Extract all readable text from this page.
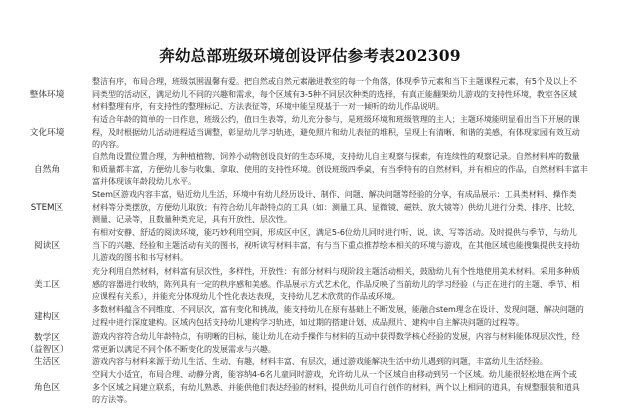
奔幼总部班级环境创设评估参考表202309
整体环境
整洁有序，布局合理，班级氛围温馨有爱。把自然或自然元素融进教室的每一个角落，体现季节元素和当下主题课程元素，有5个及以上不
同类型的活动区，满足幼儿不同的兴趣和需求，每个区域有3-5种不同层次种类的选择，有真正能翻架幼儿游戏的支持性环境，教室各区域
材料整理有序，有支持性的整理标记、方法表征等，环境中能呈现基于一对一倾听的幼儿作品说明。
文化环境
有适合年龄的简单的一日作息，班级公约，值日生表等，幼儿充分参与，是班级环境和班级管理的主人；主题环境能明显看出当下开展的课
程，及时根据幼儿活动进程适当调整，彰显幼儿学习轨迹，避免照片和幼儿表征的堆积，呈现上有清晰、和谐的美感，有体现家园有效互动
的内容。
自然角
自然角设置位置合理，为种植植物、饲养小动物创设良好的生态环境，支持幼儿自主观察与探索，有连续性的观察记录。自然材料库的数量
和质量都丰富，方便幼儿参与收集、拿取、使用的支持性环境。创设班级四季桌，有当季特有的自然材料，并有相应的作品，自然材料丰富丰
富并体现该年龄段幼儿水平。
STEM区
Stem区游戏内容丰富，贴近幼儿生活，环境中有幼儿经历设计、制作、问题、解决问题等经验的分享，有成品展示：工具类材料、操作类
材料等分类摆放，方便幼儿取放；有符合幼儿年龄特点的工具（如：测量工具、显微镜、磁铁、放大镜等）供幼儿进行分类、排序、比较、
测量、记录等，且数量种类充足，具有开放性、层次性。
阅读区
有相对安静、舒适的阅读环境，能巧妙利用空间，形成区中区，满足5-6位幼儿同时进行听、说、读、写等活动。及时提供与季节、与幼儿
当下的兴趣、经验和主题活动有关的图书，视听读写材料丰富，有与当下重点推荐绘本相关的环境与游戏，在其他区域也能搜集提供支持幼
儿游戏的图书和书写材料。
美工区
充分利用自然材料，材料富有层次性，多样性，开放性：有部分材料与现阶段主题活动相关，鼓励幼儿有个性地使用美术材料。采用多种质
感的容器进行收纳，陈列具有一定的秩序感和美感。作品展示方式艺术化，作品反映了当前幼儿的学习经验（与正在进行的主题、季节、相
应课程有关系），并能充分体现幼儿个性化表达表现，支持幼儿艺术欣赏的作品或环境。
建构区
多数材料蕴含不同维度、不同层次，富有变化和挑战，能支持幼儿在原有基础上不断发展，能融合stem理念在设计、发现问题、解决问题的
过程中进行深度建构。区域内包括支持幼儿建构学习轨迹，如过期的搭建计划、成品照片、建构中自主解决问题的过程等。
数学区
（益智区）
游戏内容符合幼儿年龄特点，有明晰的目标，能让幼儿在动手操作与材料的互动中获得数学核心经验的发展，内容与材料能体现层次性，经
常更新以满足不同个体不断变化的发展需求与兴趣。
生活区	游戏内容与材料来源于幼儿生活、生动、有趣，材料丰富、有层次，通过游戏能解决生活中幼儿遇到的问题，丰富幼儿生活经验。
角色区
空间大小适宜，布局合理、动静分离，能容纳4-6名儿童同时游戏，允许幼儿从一个区域自由移动到另一个区域。幼儿能很轻松地在两个或
多个区域之间建立联系，有幼儿熟悉、并能供他们表达经验的材料，提供幼儿可自行创作的材料，两个以上相同的道具，有规整服装和道具
的方法等。
